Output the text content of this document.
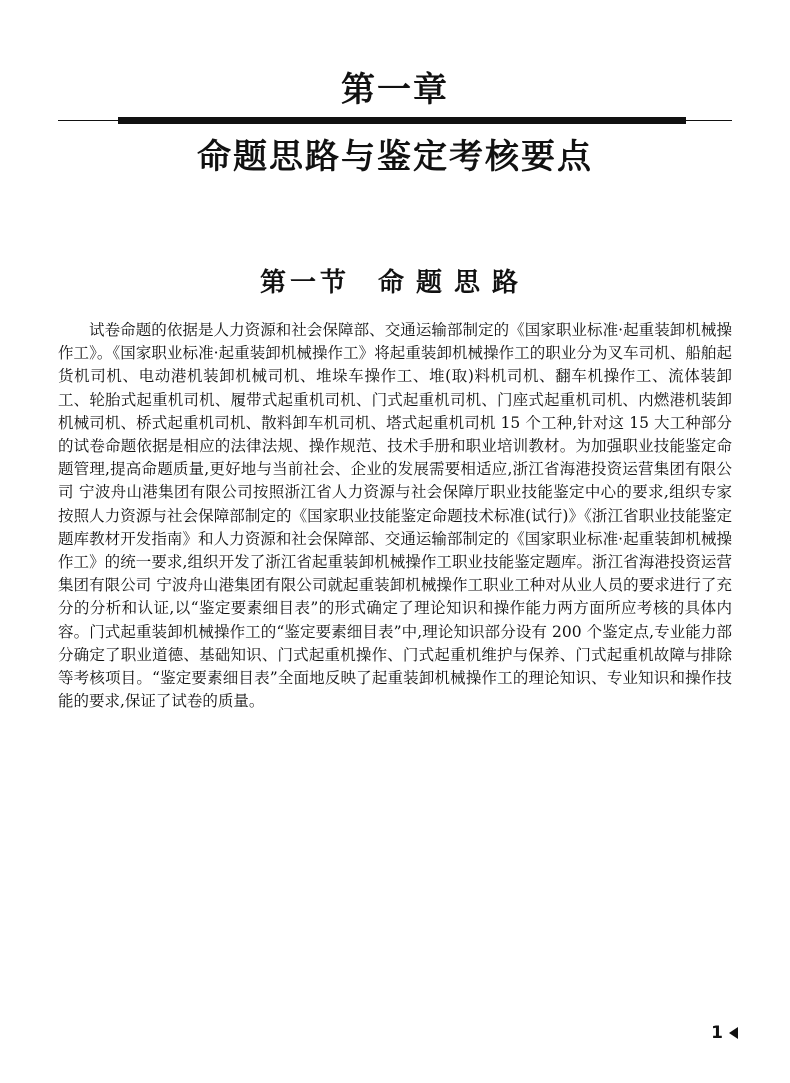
第一章
命题思路与鉴定考核要点
第一节 命题思路

试卷命题的依据是人力资源和社会保障部、交通运输部制定的《国家职业标准·起重装卸机械操作工》。《国家职业标准·起重装卸机械操作工》将起重装卸机械操作工的职业分为叉车司机、船舶起货机司机、电动港机装卸机械司机、堆垛车操作工、堆(取)料机司机、翻车机操作工、流体装卸工、轮胎式起重机司机、履带式起重机司机、门式起重机司机、门座式起重机司机、内燃港机装卸机械司机、桥式起重机司机、散料卸车机司机、塔式起重机司机 15 个工种,针对这 15 大工种部分的试卷命题依据是相应的法律法规、操作规范、技术手册和职业培训教材。为加强职业技能鉴定命题管理,提高命题质量,更好地与当前社会、企业的发展需要相适应,浙江省海港投资运营集团有限公司 宁波舟山港集团有限公司按照浙江省人力资源与社会保障厅职业技能鉴定中心的要求,组织专家按照人力资源与社会保障部制定的《国家职业技能鉴定命题技术标准(试行)》《浙江省职业技能鉴定题库教材开发指南》和人力资源和社会保障部、交通运输部制定的《国家职业标准·起重装卸机械操作工》的统一要求,组织开发了浙江省起重装卸机械操作工职业技能鉴定题库。浙江省海港投资运营集团有限公司 宁波舟山港集团有限公司就起重装卸机械操作工职业工种对从业人员的要求进行了充分的分析和认证,以“鉴定要素细目表”的形式确定了理论知识和操作能力两方面所应考核的具体内容。门式起重装卸机械操作工的“鉴定要素细目表”中,理论知识部分设有 200 个鉴定点,专业能力部分确定了职业道德、基础知识、门式起重机操作、门式起重机维护与保养、门式起重机故障与排除等考核项目。“鉴定要素细目表”全面地反映了起重装卸机械操作工的理论知识、专业知识和操作技能的要求,保证了试卷的质量。

1
